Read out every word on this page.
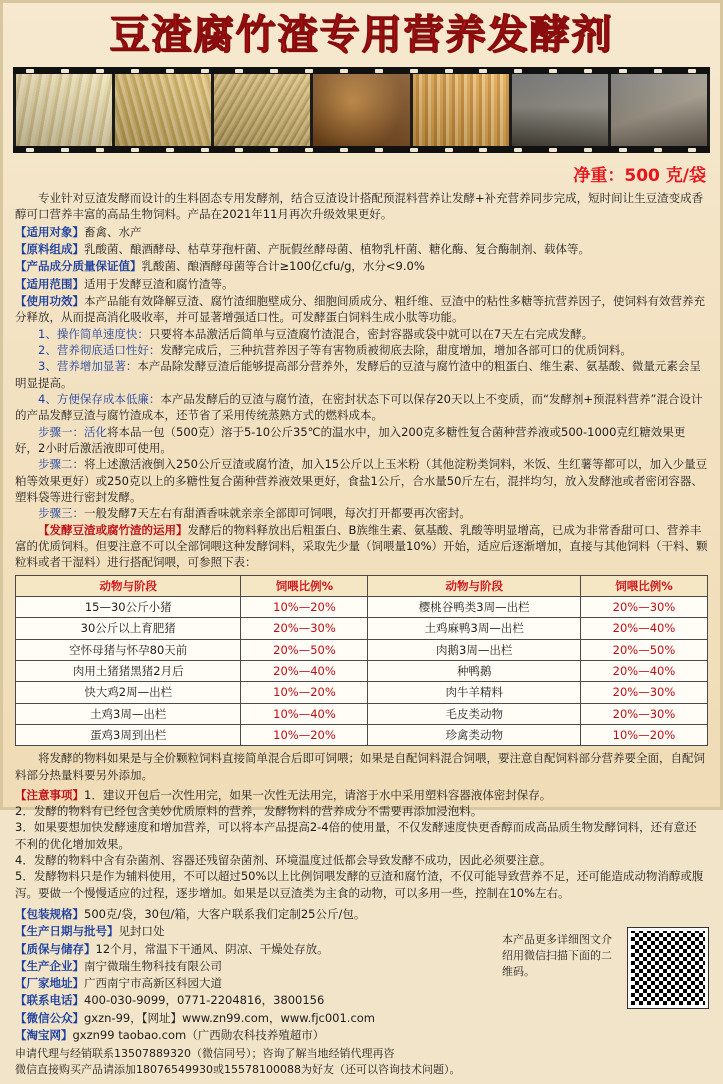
豆渣腐竹渣专用营养发酵剂
净重：500 克/袋
专业针对豆渣发酵而设计的生料固态专用发酵剂，结合豆渣设计搭配预混料营养让发酵+补充营养同步完成，短时间让生豆渣变成香醇可口营养丰富的高品生物饲料。产品在2021年11月再次升级效果更好。
【适用对象】畜禽、水产
【原料组成】乳酸菌、酿酒酵母、枯草芽孢杆菌、产朊假丝酵母菌、植物乳杆菌、糖化酶、复合酶制剂、载体等。
【产品成分质量保证值】乳酸菌、酿酒酵母菌等合计≥100亿cfu/g，水分<9.0%
【适用范围】适用于发酵豆渣和腐竹渣等。
【使用功效】本产品能有效降解豆渣、腐竹渣细胞壁成分、细胞间质成分、粗纤维、豆渣中的粘性多糖等抗营养因子，使饲料有效营养充分释放，从而提高消化吸收率，并可显著增强适口性。可发酵蛋白饲料生成小肽等功能。
1、操作简单速度快：只要将本品激活后简单与豆渣腐竹渣混合，密封容器或袋中就可以在7天左右完成发酵。
2、营养彻底适口性好：发酵完成后，三种抗营养因子等有害物质被彻底去除，甜度增加，增加各部可口的优质饲料。
3、营养增加显著：本产品除发酵豆渣后能够提高部分营养外，发酵后的豆渣与腐竹渣中的粗蛋白、维生素、氨基酸、微量元素会呈明显提高。
4、方便保存成本低廉：本产品发酵后的豆渣与腐竹渣，在密封状态下可以保存20天以上不变质，而“发酵剂+预混料营养”混合设计的产品发酵豆渣与腐竹渣成本，还节省了采用传统蒸熟方式的燃料成本。
步骤一：活化将本品一包（500克）溶于5-10公斤35℃的温水中，加入200克多糖性复合菌种营养液或500-1000克红糖效果更好，2小时后激活液即可使用。
步骤二：将上述激活液倒入250公斤豆渣或腐竹渣，加入15公斤以上玉米粉（其他淀粉类饲料，米饭、生红薯等都可以，加入少量豆粕等效果更好）或250克以上的多糖性复合菌种营养液效果更好，食盐1公斤，合水量50斤左右，混拌均匀，放入发酵池或者密闭容器、塑料袋等进行密封发酵。
步骤三：一般发酵7天左右有甜酒香味就亲亲全部即可饲喂，每次打开都要再次密封。
【发酵豆渣或腐竹渣的运用】发酵后的物料释放出后粗蛋白、B族维生素、氨基酸、乳酸等明显增高，已成为非常香甜可口、营养丰富的优质饲料。但要注意不可以全部饲喂这种发酵饲料，采取先少量（饲喂量10%）开始，适应后逐渐增加，直接与其他饲料（干料、颗粒料或者干湿料）进行搭配饲喂，可参照下表：
动物与阶段	饲喂比例%	动物与阶段	饲喂比例%
15—30公斤小猪	10%—20%	樱桃谷鸭类3周—出栏	20%—30%
30公斤以上育肥猪	20%—30%	土鸡麻鸭3周—出栏	20%—40%
空怀母猪与怀孕80天前	20%—50%	肉鹅3周—出栏	20%—50%
肉用土猪猪黑猪2月后	20%—40%	种鸭鹅	20%—40%
快大鸡2周—出栏	10%—20%	肉牛羊精料	20%—30%
土鸡3周—出栏	10%—40%	毛皮类动物	20%—30%
蛋鸡3周到出栏	10%—20%	珍禽类动物	10%—20%
将发酵的物料如果是与全价颗粒饲料直接简单混合后即可饲喂；如果是自配饲料混合饲喂，要注意自配饲料部分营养要全面，自配饲料部分热量料要另外添加。
【注意事项】1．建议开包后一次性用完，如果一次性无法用完，请溶于水中采用塑料容器液体密封保存。
2．发酵的物料有已经包含美妙优质原料的营养，发酵物料的营养成分不需要再添加浸泡料。
3．如果要想加快发酵速度和增加营养，可以将本产品提高2-4倍的使用量，不仅发酵速度快更香醇而成高品质生物发酵饲料，还有意还不利的优化增加效果。
4．发酵的物料中含有杂菌剂、容器还残留杂菌剂、环境温度过低都会导致发酵不成功，因此必须要注意。
5．发酵物料只是作为辅料使用，不可以超过50%以上比例饲喂发酵的豆渣和腐竹渣，不仅可能导致营养不足，还可能造成动物消醇或腹泻。要做一个慢慢适应的过程，逐步增加。如果是以豆渣类为主食的动物，可以多用一些，控制在10%左右。
【包装规格】500克/袋，30包/箱，大客户联系我们定制25公斤/包。
【生产日期与批号】见封口处
【质保与储存】12个月，常温下干通风、阴凉、干燥处存放。
【生产企业】南宁微瑞生物科技有限公司
【厂家地址】广西南宁市高新区科园大道
【联系电话】400-030-9099，0771-2204816，3800156
【微信公众】gxzn-99，【网址】www.zn99.com，www.fjc001.com
【淘宝网】gxzn99 taobao.com（广西勋农科技养殖超市）
本产品更多详细图文介绍用微信扫描下面的二维码。
申请代理与经销联系13507889320（微信同号）；咨询了解当地经销代理再咨
微信直接购买产品请添加18076549930或15578100088为好友（还可以咨询技术问题）。
